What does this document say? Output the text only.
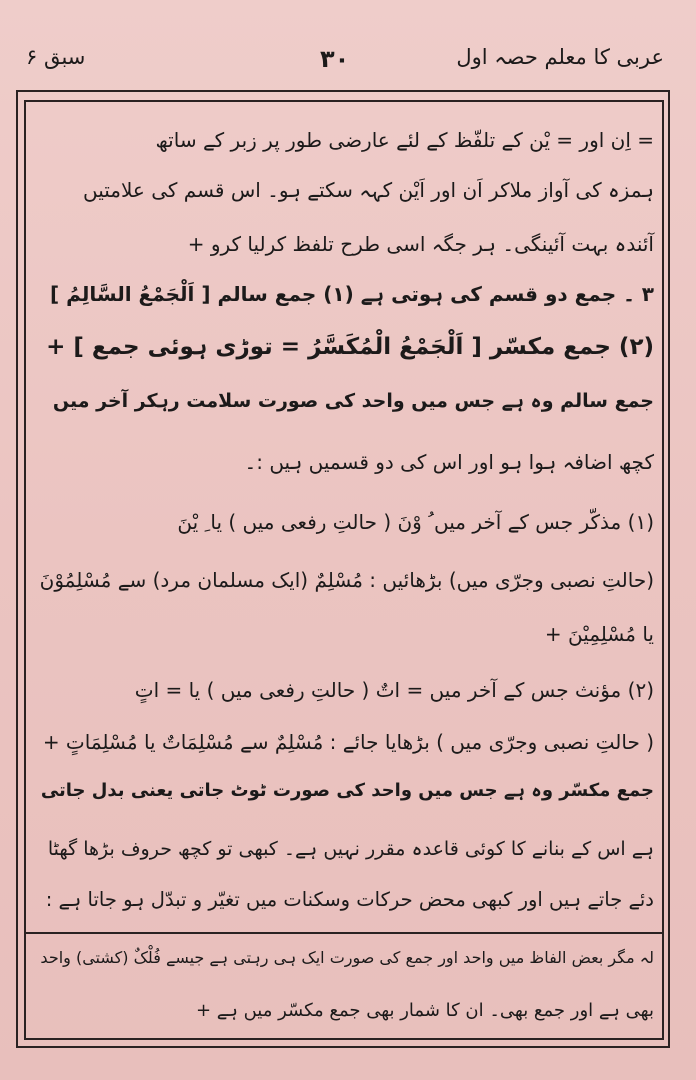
عربی کا معلم حصہ اول
۳۰
سبق ۶
= اِن اور = یْن کے تلفّظ کے لئے عارضی طور پر زبر کے ساتھ
ہمزہ کی آواز ملاکر اَن اور اَیْن کہہ سکتے ہو۔ اس قسم کی علامتیں
آئندہ بہت آئینگی۔ ہر جگہ اسی طرح تلفظ کرلیا کرو +
۳ ۔ جمع دو قسم کی ہوتی ہے (۱) جمع سالم [ اَلْجَمْعُ السَّالِمُ ]
(۲) جمع مکسّر [ اَلْجَمْعُ الْمُکَسَّرُ = توڑی ہوئی جمع ] +
جمع سالم وہ ہے جس میں واحد کی صورت سلامت رہکر آخر میں
کچھ اضافہ ہوا ہو اور اس کی دو قسمیں ہیں :۔
(۱) مذکّر جس کے آخر میں ُ وْنَ ( حالتِ رفعی میں ) یا ِ یْنَ
(حالتِ نصبی وجرّی میں) بڑھائیں : مُسْلِمٌ (ایک مسلمان مرد) سے مُسْلِمُوْنَ
یا مُسْلِمِیْنَ +
(۲) مؤنث جس کے آخر میں = اتٌ ( حالتِ رفعی میں ) یا = اتٍ
( حالتِ نصبی وجرّی میں ) بڑھایا جائے : مُسْلِمٌ سے مُسْلِمَاتٌ یا مُسْلِمَاتٍ +
جمع مکسّر وہ ہے جس میں واحد کی صورت ٹوٹ جاتی یعنی بدل جاتی
ہے اس کے بنانے کا کوئی قاعدہ مقرر نہیں ہے۔ کبھی تو کچھ حروف بڑھا گھٹا
دئے جاتے ہیں اور کبھی محض حرکات وسکنات میں تغیّر و تبدّل ہو جاتا ہے :
لہ مگر بعض الفاظ میں واحد اور جمع کی صورت ایک ہی رہتی ہے جیسے فُلْکٌ (کشتی) واحد
بھی ہے اور جمع بھی۔ ان کا شمار بھی جمع مکسّر میں ہے +
